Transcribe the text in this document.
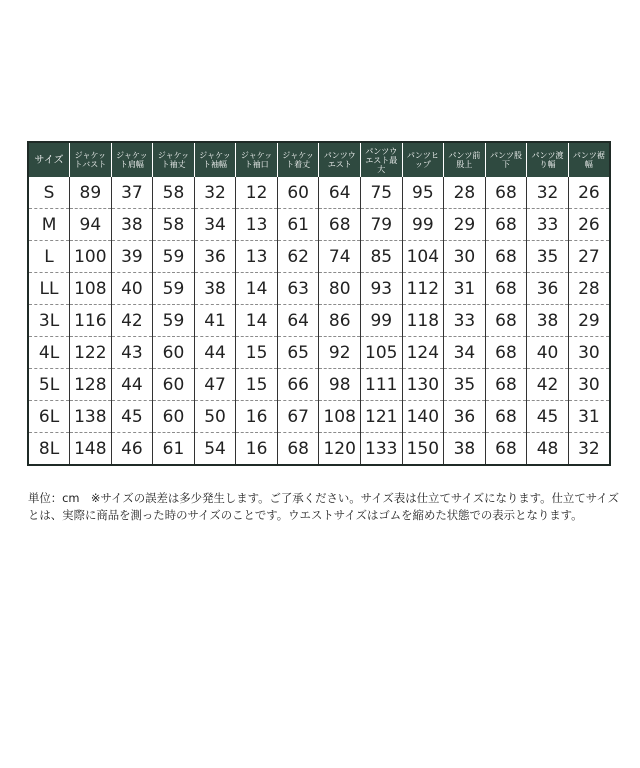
サイズ	ジャケットバスト	ジャケット肩幅	ジャケット袖丈	ジャケット袖幅	ジャケット袖口	ジャケット着丈	パンツウエスト	パンツウエスト最大	パンツヒップ	パンツ前股上	パンツ股下	パンツ渡り幅	パンツ裾幅
S	89	37	58	32	12	60	64	75	95	28	68	32	26
M	94	38	58	34	13	61	68	79	99	29	68	33	26
L	100	39	59	36	13	62	74	85	104	30	68	35	27
LL	108	40	59	38	14	63	80	93	112	31	68	36	28
3L	116	42	59	41	14	64	86	99	118	33	68	38	29
4L	122	43	60	44	15	65	92	105	124	34	68	40	30
5L	128	44	60	47	15	66	98	111	130	35	68	42	30
6L	138	45	60	50	16	67	108	121	140	36	68	45	31
8L	148	46	61	54	16	68	120	133	150	38	68	48	32

単位：cm　※サイズの誤差は多少発生します。ご了承ください。サイズ表は仕立てサイズになります。仕立てサイズとは、実際に商品を測った時のサイズのことです。ウエストサイズはゴムを縮めた状態での表示となります。
